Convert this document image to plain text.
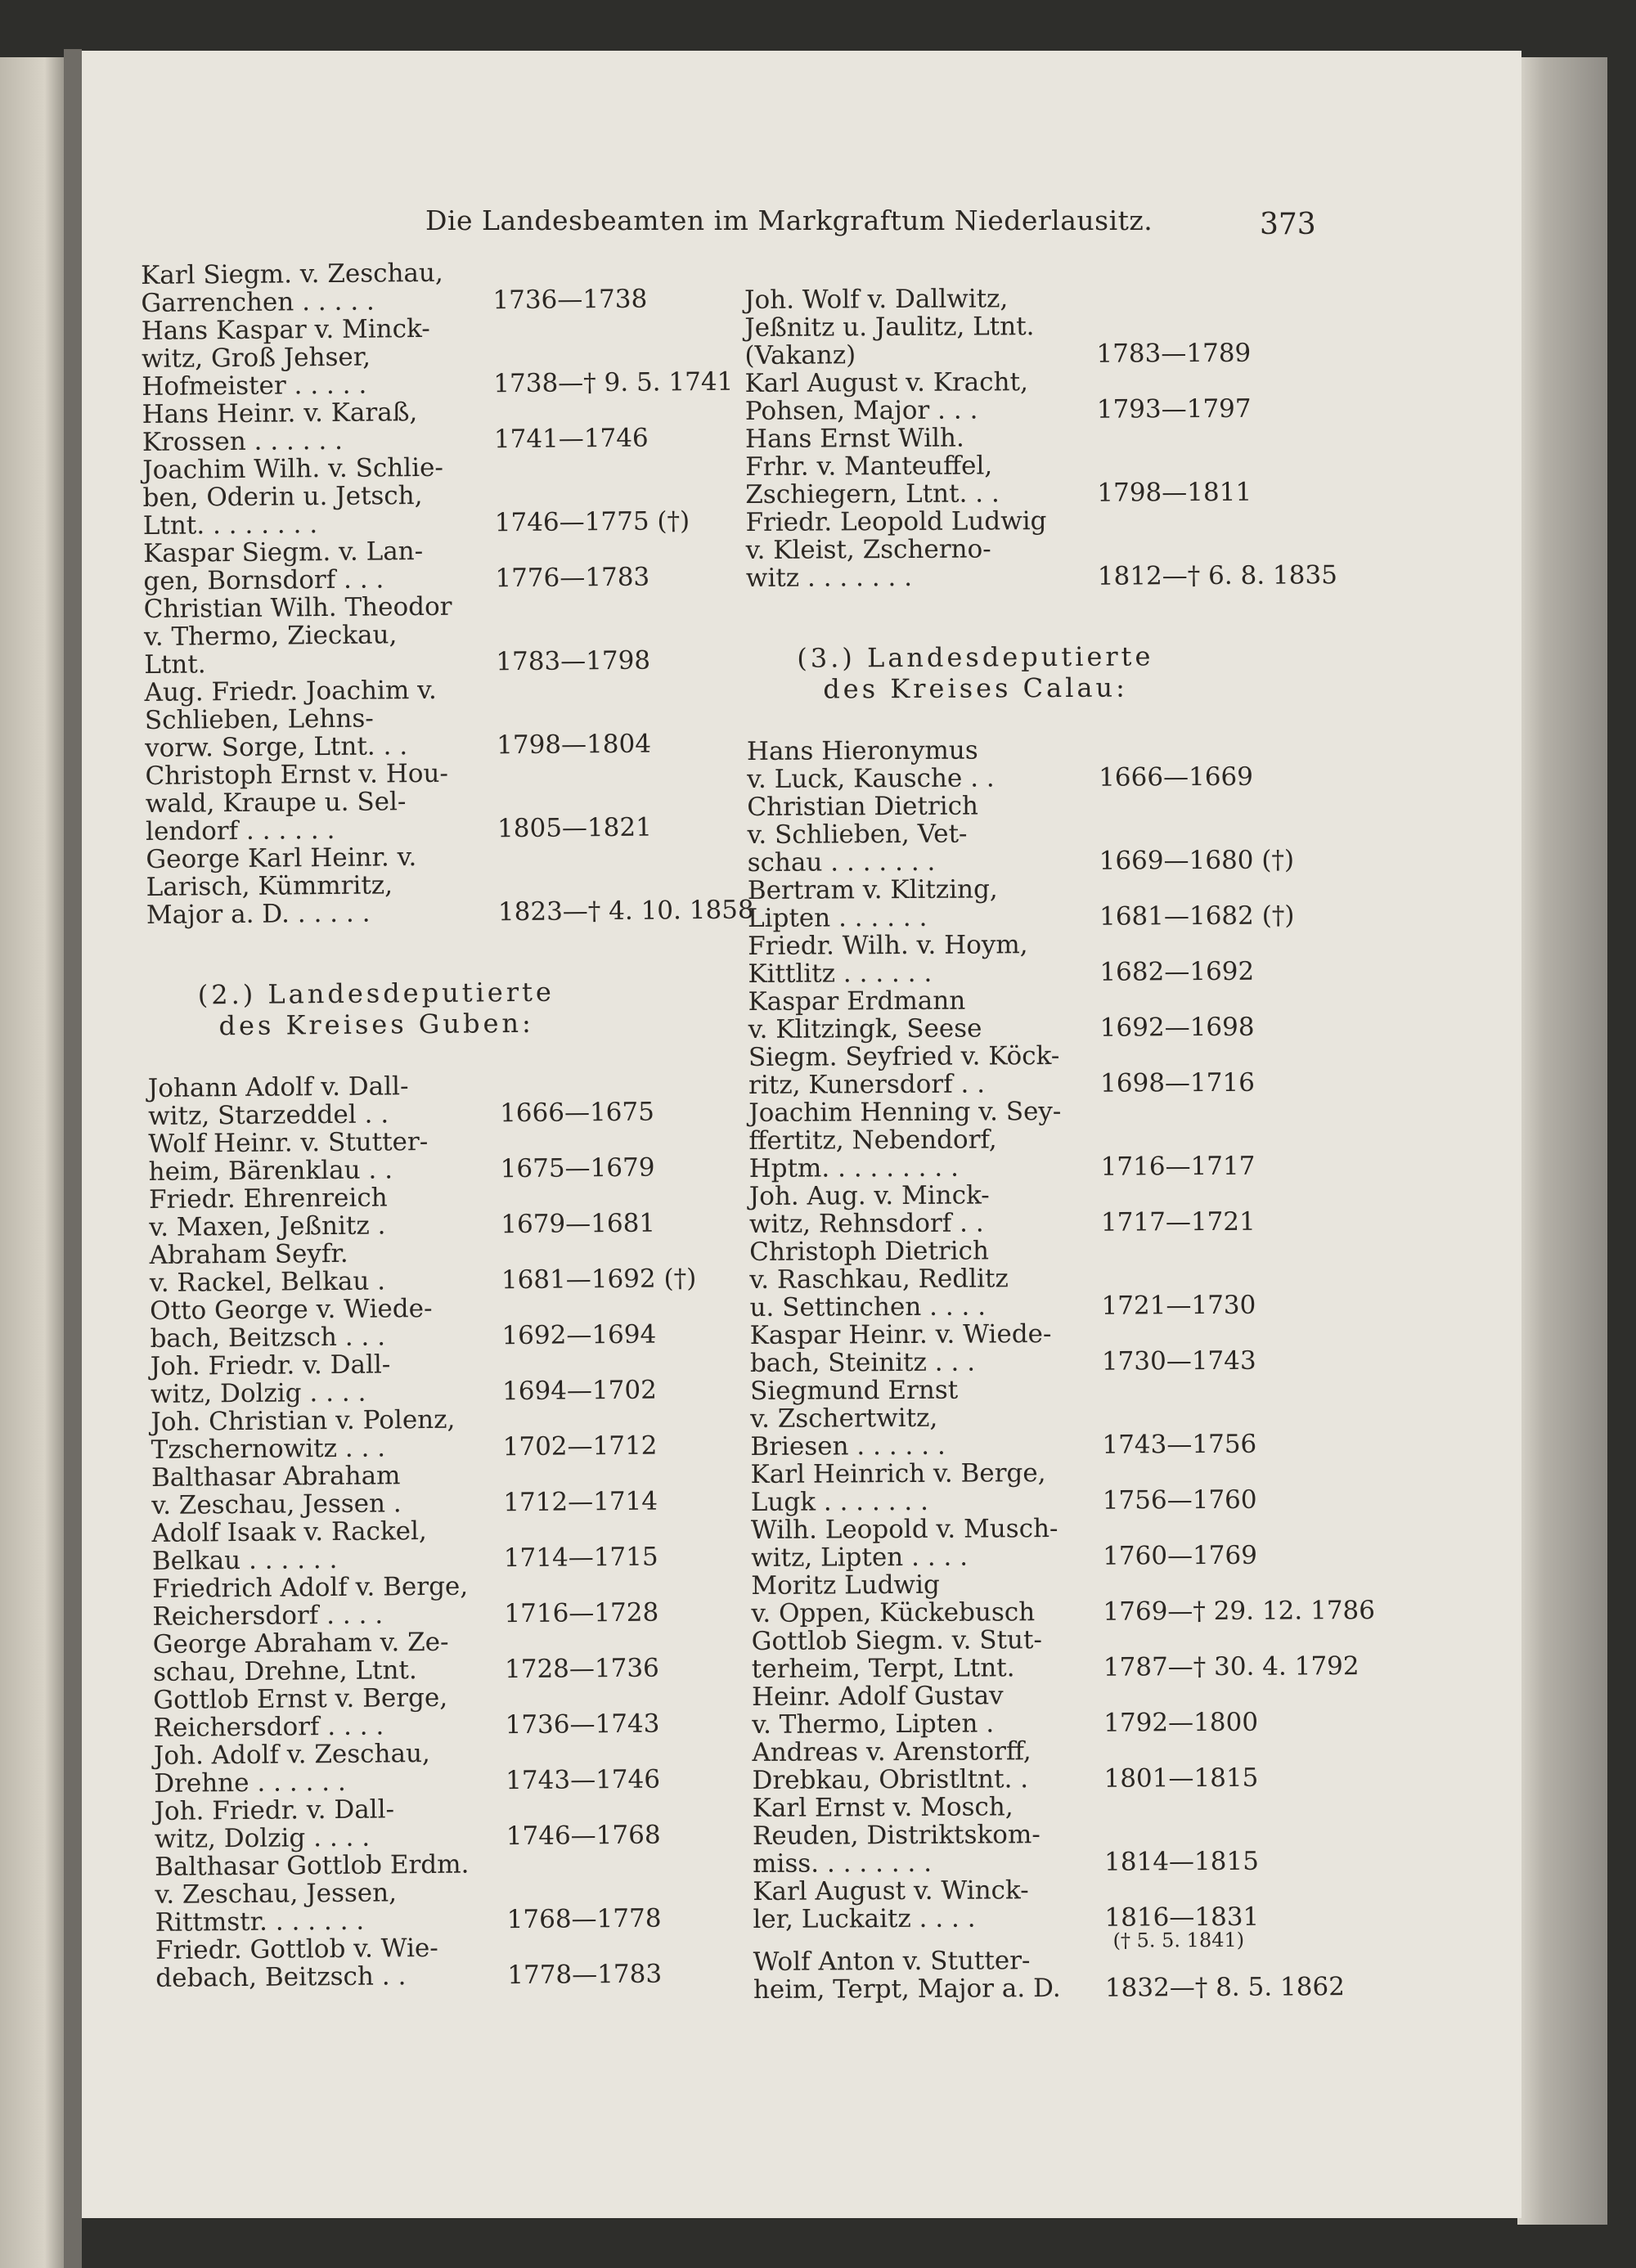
Die Landesbeamten im Markgraftum Niederlausitz.	373
Karl Siegm. v. Zeschau,
Garrenchen . . . . .	1736—1738
Hans Kaspar v. Minck-
witz, Groß Jehser,
Hofmeister . . . . .	1738—† 9. 5. 1741
Hans Heinr. v. Karaß,
Krossen . . . . . .	1741—1746
Joachim Wilh. v. Schlie-
ben, Oderin u. Jetsch,
Ltnt. . . . . . . .	1746—1775 (†)
Kaspar Siegm. v. Lan-
gen, Bornsdorf . . .	1776—1783
Christian Wilh. Theodor
v. Thermo, Zieckau,
Ltnt.	1783—1798
Aug. Friedr. Joachim v.
Schlieben, Lehns-
vorw. Sorge, Ltnt. . .	1798—1804
Christoph Ernst v. Hou-
wald, Kraupe u. Sel-
lendorf . . . . . .	1805—1821
George Karl Heinr. v.
Larisch, Kümmritz,
Major a. D. . . . . .	1823—† 4. 10. 1858
(2.) Landesdeputierte
des Kreises Guben:
Johann Adolf v. Dall-
witz, Starzeddel . .	1666—1675
Wolf Heinr. v. Stutter-
heim, Bärenklau . .	1675—1679
Friedr. Ehrenreich
v. Maxen, Jeßnitz .	1679—1681
Abraham Seyfr.
v. Rackel, Belkau .	1681—1692 (†)
Otto George v. Wiede-
bach, Beitzsch . . .	1692—1694
Joh. Friedr. v. Dall-
witz, Dolzig . . . .	1694—1702
Joh. Christian v. Polenz,
Tzschernowitz . . .	1702—1712
Balthasar Abraham
v. Zeschau, Jessen .	1712—1714
Adolf Isaak v. Rackel,
Belkau . . . . . .	1714—1715
Friedrich Adolf v. Berge,
Reichersdorf . . . .	1716—1728
George Abraham v. Ze-
schau, Drehne, Ltnt.	1728—1736
Gottlob Ernst v. Berge,
Reichersdorf . . . .	1736—1743
Joh. Adolf v. Zeschau,
Drehne . . . . . .	1743—1746
Joh. Friedr. v. Dall-
witz, Dolzig . . . .	1746—1768
Balthasar Gottlob Erdm.
v. Zeschau, Jessen,
Rittmstr. . . . . . .	1768—1778
Friedr. Gottlob v. Wie-
debach, Beitzsch . .	1778—1783
Joh. Wolf v. Dallwitz,
Jeßnitz u. Jaulitz, Ltnt.
(Vakanz)	1783—1789
Karl August v. Kracht,
Pohsen, Major . . .	1793—1797
Hans Ernst Wilh.
Frhr. v. Manteuffel,
Zschiegern, Ltnt. . .	1798—1811
Friedr. Leopold Ludwig
v. Kleist, Zscherno-
witz . . . . . . .	1812—† 6. 8. 1835
(3.) Landesdeputierte
des Kreises Calau:
Hans Hieronymus
v. Luck, Kausche . .	1666—1669
Christian Dietrich
v. Schlieben, Vet-
schau . . . . . . .	1669—1680 (†)
Bertram v. Klitzing,
Lipten . . . . . .	1681—1682 (†)
Friedr. Wilh. v. Hoym,
Kittlitz . . . . . .	1682—1692
Kaspar Erdmann
v. Klitzingk, Seese	1692—1698
Siegm. Seyfried v. Köck-
ritz, Kunersdorf . .	1698—1716
Joachim Henning v. Sey-
ffertitz, Nebendorf,
Hptm. . . . . . . . .	1716—1717
Joh. Aug. v. Minck-
witz, Rehnsdorf . .	1717—1721
Christoph Dietrich
v. Raschkau, Redlitz
u. Settinchen . . . .	1721—1730
Kaspar Heinr. v. Wiede-
bach, Steinitz . . .	1730—1743
Siegmund Ernst
v. Zschertwitz,
Briesen . . . . . .	1743—1756
Karl Heinrich v. Berge,
Lugk . . . . . . .	1756—1760
Wilh. Leopold v. Musch-
witz, Lipten . . . .	1760—1769
Moritz Ludwig
v. Oppen, Kückebusch	1769—† 29. 12. 1786
Gottlob Siegm. v. Stut-
terheim, Terpt, Ltnt.	1787—† 30. 4. 1792
Heinr. Adolf Gustav
v. Thermo, Lipten .	1792—1800
Andreas v. Arenstorff,
Drebkau, Obristltnt. .	1801—1815
Karl Ernst v. Mosch,
Reuden, Distriktskom-
miss. . . . . . . .	1814—1815
Karl August v. Winck-
ler, Luckaitz . . . .	1816—1831
(† 5. 5. 1841)
Wolf Anton v. Stutter-
heim, Terpt, Major a. D.	1832—† 8. 5. 1862
